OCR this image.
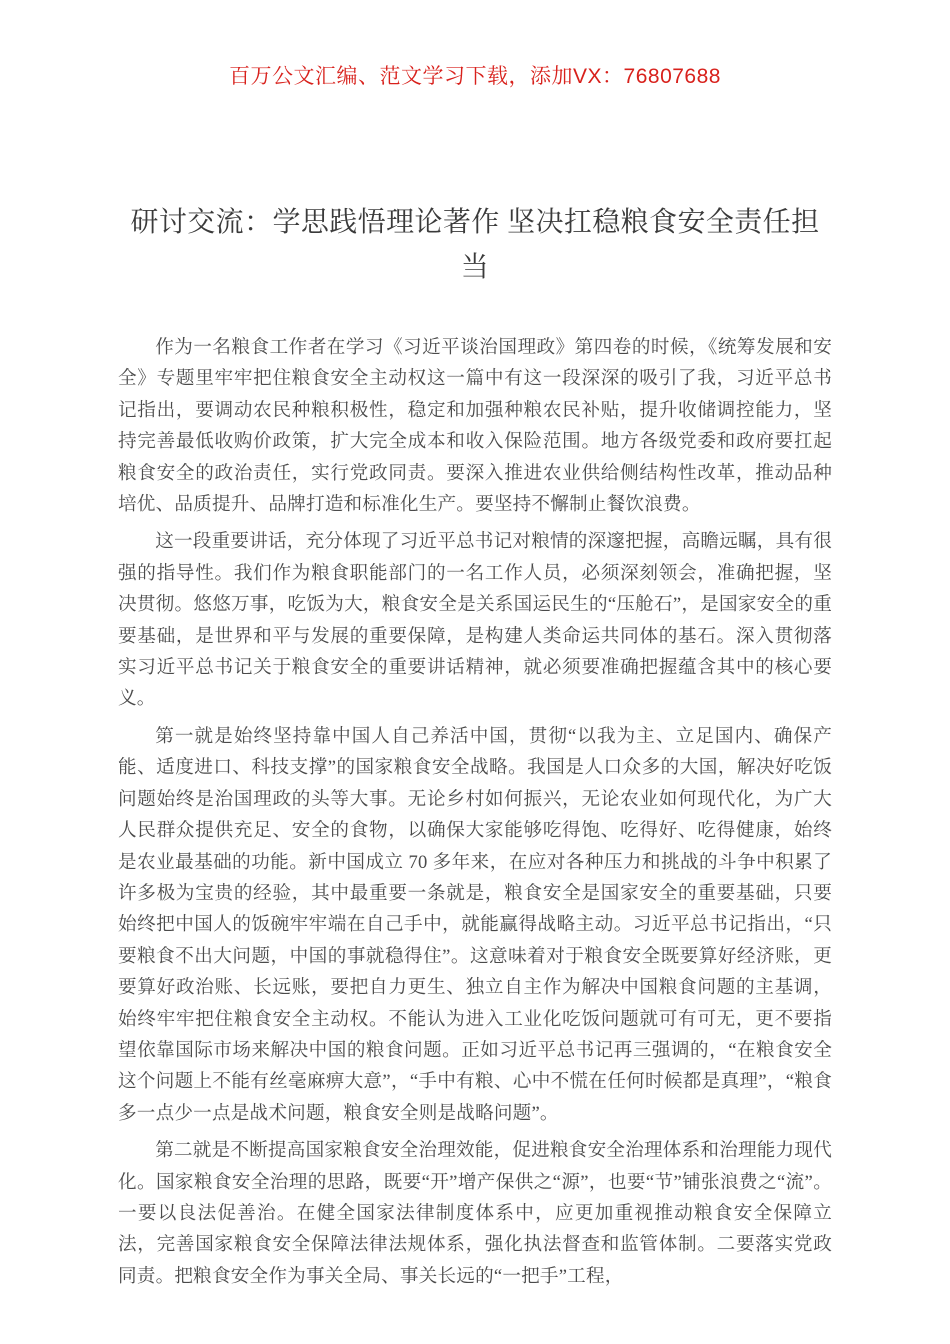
百万公文汇编、范文学习下载，添加VX：76807688
研讨交流：学思践悟理论著作 坚决扛稳粮食安全责任担当

作为一名粮食工作者在学习《习近平谈治国理政》第四卷的时候，《统筹发展和安全》专题里牢牢把住粮食安全主动权这一篇中有这一段深深的吸引了我，习近平总书记指出，要调动农民种粮积极性，稳定和加强种粮农民补贴，提升收储调控能力，坚持完善最低收购价政策，扩大完全成本和收入保险范围。地方各级党委和政府要扛起粮食安全的政治责任，实行党政同责。要深入推进农业供给侧结构性改革，推动品种培优、品质提升、品牌打造和标准化生产。要坚持不懈制止餐饮浪费。

这一段重要讲话，充分体现了习近平总书记对粮情的深邃把握，高瞻远瞩，具有很强的指导性。我们作为粮食职能部门的一名工作人员，必须深刻领会，准确把握，坚决贯彻。悠悠万事，吃饭为大，粮食安全是关系国运民生的“压舱石”，是国家安全的重要基础，是世界和平与发展的重要保障，是构建人类命运共同体的基石。深入贯彻落实习近平总书记关于粮食安全的重要讲话精神，就必须要准确把握蕴含其中的核心要义。

第一就是始终坚持靠中国人自己养活中国，贯彻“以我为主、立足国内、确保产能、适度进口、科技支撑”的国家粮食安全战略。我国是人口众多的大国，解决好吃饭问题始终是治国理政的头等大事。无论乡村如何振兴，无论农业如何现代化，为广大人民群众提供充足、安全的食物，以确保大家能够吃得饱、吃得好、吃得健康，始终是农业最基础的功能。新中国成立 70 多年来，在应对各种压力和挑战的斗争中积累了许多极为宝贵的经验，其中最重要一条就是，粮食安全是国家安全的重要基础，只要始终把中国人的饭碗牢牢端在自己手中，就能赢得战略主动。习近平总书记指出，“只要粮食不出大问题，中国的事就稳得住”。这意味着对于粮食安全既要算好经济账，更要算好政治账、长远账，要把自力更生、独立自主作为解决中国粮食问题的主基调，始终牢牢把住粮食安全主动权。不能认为进入工业化吃饭问题就可有可无，更不要指望依靠国际市场来解决中国的粮食问题。正如习近平总书记再三强调的，“在粮食安全这个问题上不能有丝毫麻痹大意”，“手中有粮、心中不慌在任何时候都是真理”，“粮食多一点少一点是战术问题，粮食安全则是战略问题”。

第二就是不断提高国家粮食安全治理效能，促进粮食安全治理体系和治理能力现代化。国家粮食安全治理的思路，既要“开”增产保供之“源”，也要“节”铺张浪费之“流”。一要以良法促善治。在健全国家法律制度体系中，应更加重视推动粮食安全保障立法，完善国家粮食安全保障法律法规体系，强化执法督查和监管体制。二要落实党政同责。把粮食安全作为事关全局、事关长远的“一把手”工程，
